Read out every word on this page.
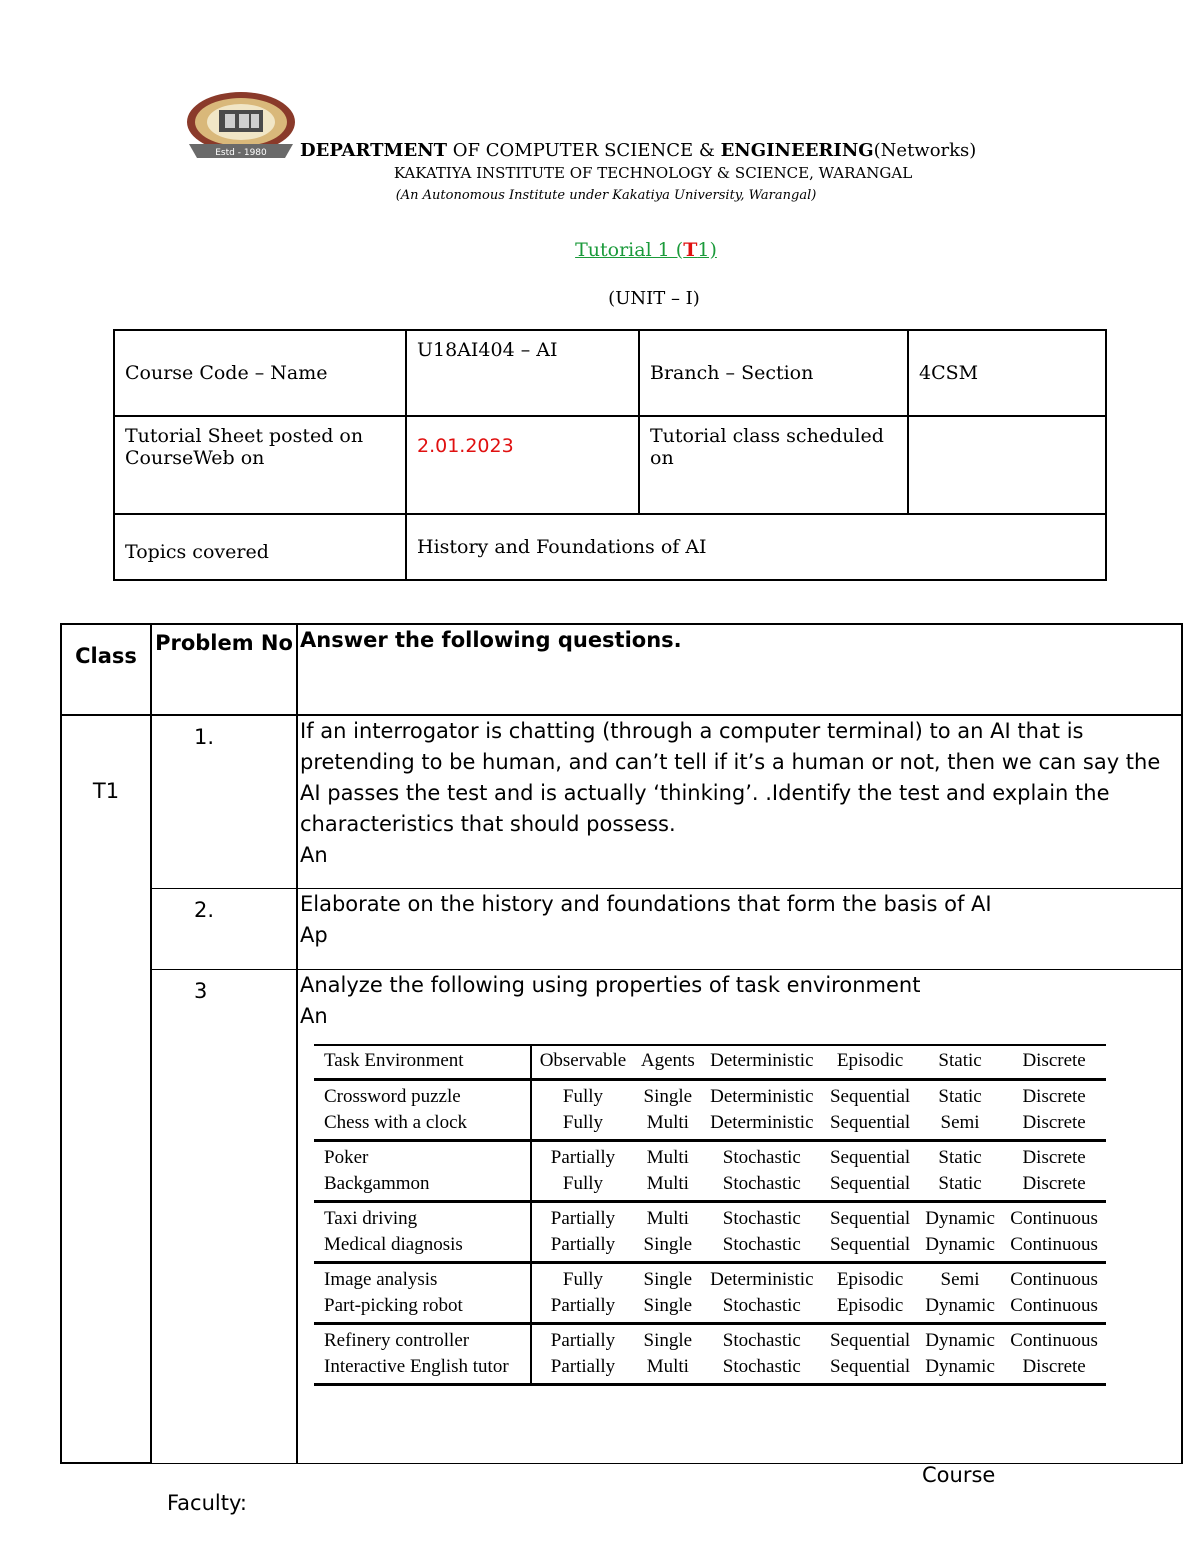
Estd - 1980 DEPARTMENT OF COMPUTER SCIENCE & ENGINEERING(Networks)
KAKATIYA INSTITUTE OF TECHNOLOGY & SCIENCE, WARANGAL
(An Autonomous Institute under Kakatiya University, Warangal)
Tutorial 1 (T1)
(UNIT – I)
Course Code – Name	U18AI404 – AI	Branch – Section	4CSM
Tutorial Sheet posted on CourseWeb on	2.01.2023	Tutorial class scheduled on	
Topics covered	History and Foundations of AI		
Class	Problem No	Answer the following questions.
T1	1.	If an interrogator is chatting (through a computer terminal) to an AI that is pretending to be human, and can’t tell if it’s a human or not, then we can say the AI passes the test and is actually ‘thinking’. .Identify the test and explain the characteristics that should possess.
An

2.	Elaborate on the history and foundations that form the basis of AI
Ap

3	Analyze the following using properties of task environment
An
Task Environment	Observable	Agents	Deterministic	Episodic	Static	Discrete
Crossword puzzle	Fully	Single	Deterministic	Sequential	Static	Discrete
Chess with a clock	Fully	Multi	Deterministic	Sequential	Semi	Discrete
Poker	Partially	Multi	Stochastic	Sequential	Static	Discrete
Backgammon	Fully	Multi	Stochastic	Sequential	Static	Discrete
Taxi driving	Partially	Multi	Stochastic	Sequential	Dynamic	Continuous
Medical diagnosis	Partially	Single	Stochastic	Sequential	Dynamic	Continuous
Image analysis	Fully	Single	Deterministic	Episodic	Semi	Continuous
Part-picking robot	Partially	Single	Stochastic	Episodic	Dynamic	Continuous
Refinery controller	Partially	Single	Stochastic	Sequential	Dynamic	Continuous
Interactive English tutor	Partially	Multi	Stochastic	Sequential	Dynamic	Discrete
Course
Faculty:
